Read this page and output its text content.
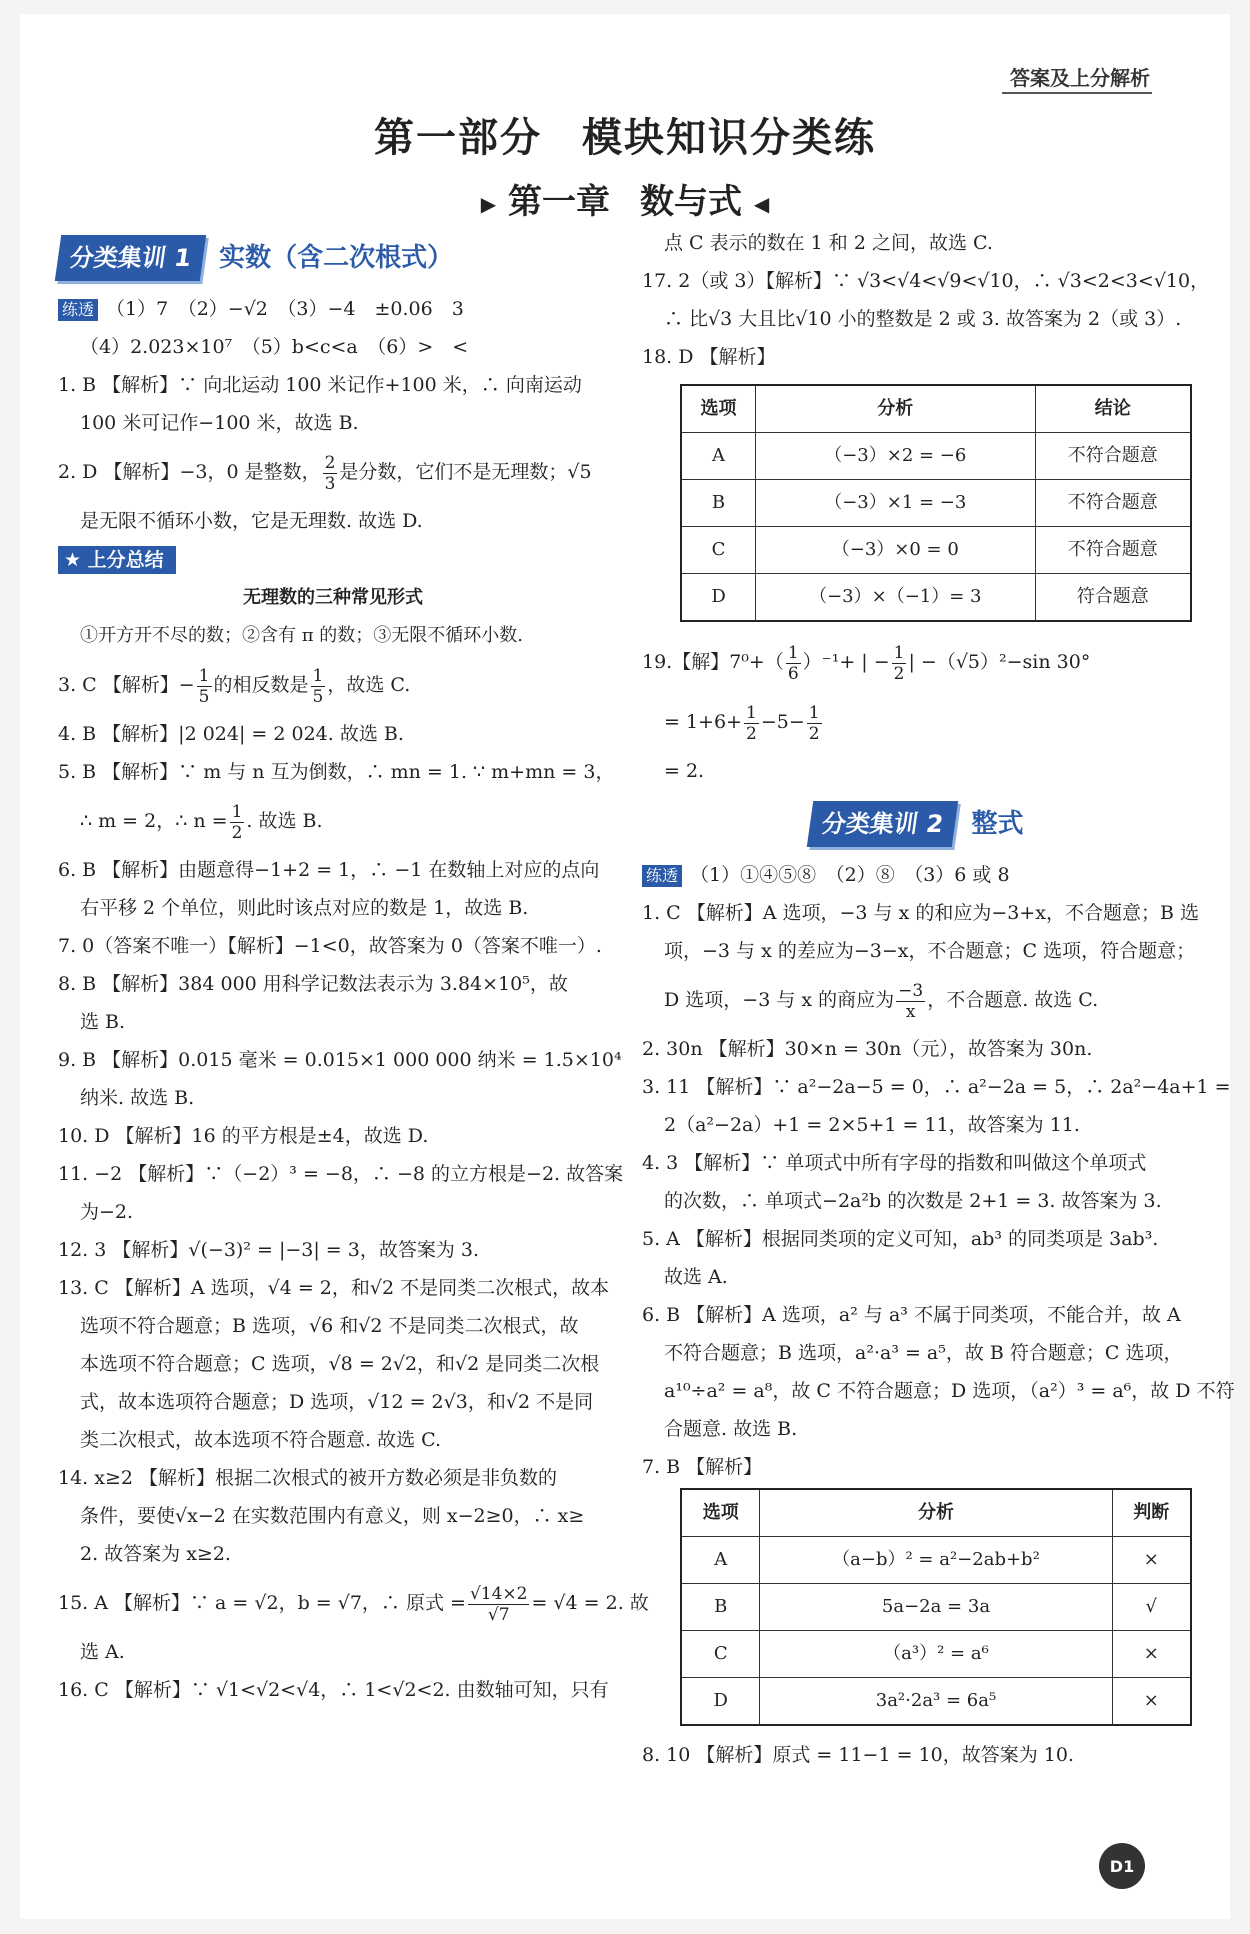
答案及上分解析
第一部分 模块知识分类练
▶ 第一章 数与式 ◀
分类集训 1	实数（含二次根式）
练透 （1）7　（2）−√2　（3）−4　±0.06　3
（4）2.023×10⁷　（5）b<c<a　（6）>　<
1. B 【解析】∵ 向北运动 100 米记作+100 米，∴ 向南运动
100 米可记作−100 米，故选 B.
2. D 【解析】−3，0 是整数， $\frac{2}{3}$ 是分数，它们不是无理数；√5
是无限不循环小数，它是无理数. 故选 D.
★ 上分总结
无理数的三种常见形式
①开方开不尽的数；②含有 π 的数；③无限不循环小数.
3. C 【解析】− $\frac{1}{5}$ 的相反数是 $\frac{1}{5}$ ，故选 C.
4. B 【解析】|2 024| = 2 024. 故选 B.
5. B 【解析】∵ m 与 n 互为倒数，∴ mn = 1. ∵ m+mn = 3，
∴ m = 2，∴ $n = \frac{1}{2}$ . 故选 B.
6. B 【解析】由题意得−1+2 = 1，∴ −1 在数轴上对应的点向
右平移 2 个单位，则此时该点对应的数是 1，故选 B.
7. 0（答案不唯一）【解析】−1<0，故答案为 0（答案不唯一）.
8. B 【解析】384 000 用科学记数法表示为 3.84×10⁵，故
选 B.
9. B 【解析】0.015 毫米 = 0.015×1 000 000 纳米 = 1.5×10⁴
纳米. 故选 B.
10. D 【解析】16 的平方根是±4，故选 D.
11. −2 【解析】∵（−2）³ = −8，∴ −8 的立方根是−2. 故答案
为−2.
12. 3 【解析】√(−3)² = |−3| = 3，故答案为 3.
13. C 【解析】A 选项，√4 = 2，和√2 不是同类二次根式，故本
选项不符合题意；B 选项，√6 和√2 不是同类二次根式，故
本选项不符合题意；C 选项，√8 = 2√2，和√2 是同类二次根
式，故本选项符合题意；D 选项，√12 = 2√3，和√2 不是同
类二次根式，故本选项不符合题意. 故选 C.
14. x≥2 【解析】根据二次根式的被开方数必须是非负数的
条件，要使√x−2 在实数范围内有意义，则 x−2≥0，∴ x≥
2. 故答案为 x≥2.
15. A 【解析】∵ a = √2，b = √7，∴ 原式 = $\frac{√14\times 2}{√7} = √4 = 2$. 故
选 A.
16. C 【解析】∵ √1<√2<√4，∴ 1<√2<2. 由数轴可知，只有
点 C 表示的数在 1 和 2 之间，故选 C.
17. 2（或 3）【解析】∵ √3<√4<√9<√10，∴ √3<2<3<√10，
∴ 比√3 大且比√10 小的整数是 2 或 3. 故答案为 2（或 3）.
18. D 【解析】
选项	分析	结论
A	（−3）×2 = −6	不符合题意
B	（−3）×1 = −3	不符合题意
C	（−3）×0 = 0	不符合题意
D	（−3）×（−1）= 3	符合题意
19.【解】$7^0+( \frac{1}{6} )^{-1}+$ | − $\frac{1}{2}$ | −（√5）²−sin 30°
= $1+6+ \frac{1}{2} -5- \frac{1}{2}$
= 2.
分类集训 2	整式
练透 （1）①④⑤⑧　（2）⑧　（3）6 或 8
1. C 【解析】A 选项，−3 与 x 的和应为−3+x，不合题意；B 选
项，−3 与 x 的差应为−3−x，不合题意；C 选项，符合题意；
D 选项，−3 与 x 的商应为 $\frac{-3}{x}$ ，不合题意. 故选 C.
2. 30n 【解析】30×n = 30n（元），故答案为 30n.
3. 11 【解析】∵ a²−2a−5 = 0，∴ a²−2a = 5，∴ 2a²−4a+1 =
2（a²−2a）+1 = 2×5+1 = 11，故答案为 11.
4. 3 【解析】∵ 单项式中所有字母的指数和叫做这个单项式
的次数，∴ 单项式−2a²b 的次数是 2+1 = 3. 故答案为 3.
5. A 【解析】根据同类项的定义可知，ab³ 的同类项是 3ab³.
故选 A.
6. B 【解析】A 选项，a² 与 a³ 不属于同类项，不能合并，故 A
不符合题意；B 选项，a²·a³ = a⁵，故 B 符合题意；C 选项，
a¹⁰÷a² = a⁸，故 C 不符合题意；D 选项，（a²）³ = a⁶，故 D 不符
合题意. 故选 B.
7. B 【解析】
选项	分析	判断
A	（a−b）² = a²−2ab+b²	×
B	5a−2a = 3a	√
C	（a³）² = a⁶	×
D	3a²·2a³ = 6a⁵	×
8. 10 【解析】原式 = 11−1 = 10，故答案为 10.
D1
